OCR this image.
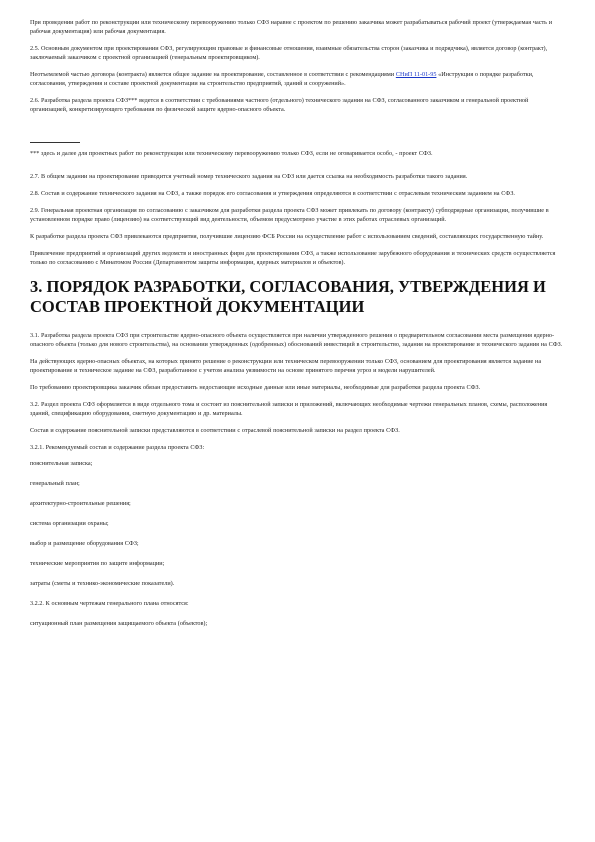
При проведении работ по реконструкции или техническому перевооружению только СФЗ наравне с проектом по решению заказчика может разрабатываться рабочий проект (утверждаемая часть и рабочая документация) или рабочая документация.

2.5. Основным документом при проектировании СФЗ, регулирующим правовые и финансовые отношения, взаимные обязательства сторон (заказчика и подрядчика), является договор (контракт), заключаемый заказчиком с проектной организацией (генеральным проектировщиком).

Неотъемлемой частью договора (контракта) является общее задание на проектирование, составленное в соответствии с рекомендациями СНиП 11-01-95 «Инструкция о порядке разработки, согласования, утверждения и составе проектной документации на строительство предприятий, зданий и сооружений».

2.6. Разработка раздела проекта СФЗ*** ведется в соответствии с требованиями частного (отдельного) технического задания на СФЗ, согласованного заказчиком и генеральной проектной организацией, конкретизирующего требования по физической защите ядерно-опасного объекта.

*** здесь и далее для проектных работ по реконструкции или техническому перевооружению только СФЗ, если не оговаривается особо, - проект СФЗ.

2.7. В общем задании на проектирование приводится учетный номер технического задания на СФЗ или дается ссылка на необходимость разработки такого задания.

2.8. Состав и содержание технического задания на СФЗ, а также порядок его согласования и утверждения определяются в соответствии с отраслевым техническим заданием на СФЗ.

2.9. Генеральная проектная организация по согласованию с заказчиком для разработки раздела проекта СФЗ может привлекать по договору (контракту) субподрядные организации, получившие в установленном порядке право (лицензию) на соответствующий вид деятельности, объемом предусмотрено участие в этих работах отраслевых организаций.

К разработке раздела проекта СФЗ привлекаются предприятия, получившие лицензию ФСБ России на осуществление работ с использованием сведений, составляющих государственную тайну.

Привлечение предприятий и организаций других ведомств и иностранных фирм для проектирования СФЗ, а также использование зарубежного оборудования и технических средств осуществляется только по согласованию с Минатомом России (Департаментом защиты информации, ядерных материалов и объектов).

3. ПОРЯДОК РАЗРАБОТКИ, СОГЛАСОВАНИЯ, УТВЕРЖДЕНИЯ И СОСТАВ ПРОЕКТНОЙ ДОКУМЕНТАЦИИ

3.1. Разработка раздела проекта СФЗ при строительстве ядерно-опасного объекта осуществляется при наличии утвержденного решения о предварительном согласовании места размещения ядерно-опасного объекта (только для нового строительства), на основании утвержденных (одобренных) обоснований инвестиций в строительство, задания на проектирование и технического задания на СФЗ.

На действующих ядерно-опасных объектах, на которых принято решение о реконструкции или техническом перевооружении только СФЗ, основанием для проектирования является задание на проектирование и техническое задание на СФЗ, разработанное с учетом анализа уязвимости на основе принятого перечня угроз и модели нарушителей.

По требованию проектировщика заказчик обязан предоставить недостающие исходные данные или иные материалы, необходимые для разработки раздела проекта СФЗ.

3.2. Раздел проекта СФЗ оформляется в виде отдельного тома и состоит из пояснительной записки и приложений, включающих необходимые чертежи генеральных планов, схемы, расположения зданий, спецификацию оборудования, сметную документацию и др. материалы.

Состав и содержание пояснительной записки представляются в соответствии с отраслевой пояснительной записки на раздел проекта СФЗ.

3.2.1. Рекомендуемый состав и содержание раздела проекта СФЗ:

пояснительная записка;

генеральный план;

архитектурно-строительные решения;

система организации охраны;

выбор и размещение оборудования СФЗ;

технические мероприятия по защите информации;

затраты (сметы и технико-экономические показатели).

3.2.2. К основным чертежам генерального плана относятся:

ситуационный план размещения защищаемого объекта (объектов);
